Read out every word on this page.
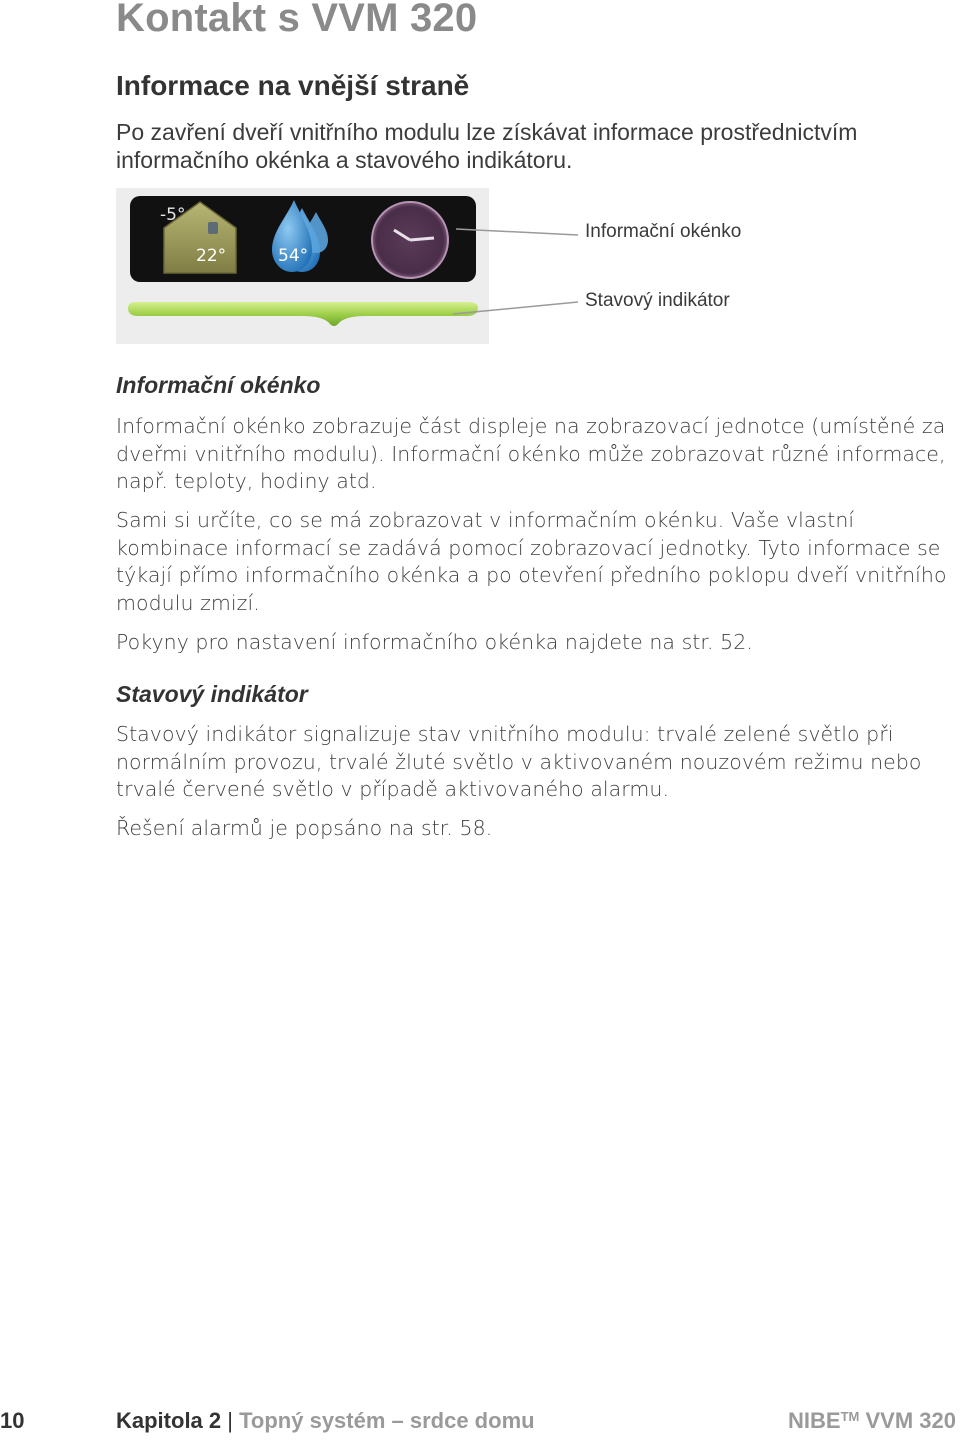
Kontakt s VVM 320
Informace na vnější straně

Po zavření dveří vnitřního modulu lze získávat informace prostřednictvím informačního okénka a stavového indikátoru.

-5°
22°	54°
Informační okénko
Stavový indikátor
Informační okénko

Informační okénko zobrazuje část displeje na zobrazovací jednotce (umístěné za dveřmi vnitřního modulu). Informační okénko může zobrazovat různé informace, např. teploty, hodiny atd.

Sami si určíte, co se má zobrazovat v informačním okénku. Vaše vlastní kombinace informací se zadává pomocí zobrazovací jednotky. Tyto informace se týkají přímo informačního okénka a po otevření předního poklopu dveří vnitřního modulu zmizí.

Pokyny pro nastavení informačního okénka najdete na str. 52.

Stavový indikátor

Stavový indikátor signalizuje stav vnitřního modulu: trvalé zelené světlo při normálním provozu, trvalé žluté světlo v aktivovaném nouzovém režimu nebo trvalé červené světlo v případě aktivovaného alarmu.

Řešení alarmů je popsáno na str. 58.

10	Kapitola 2 | Topný systém – srdce domu	NIBE™ VVM 320
